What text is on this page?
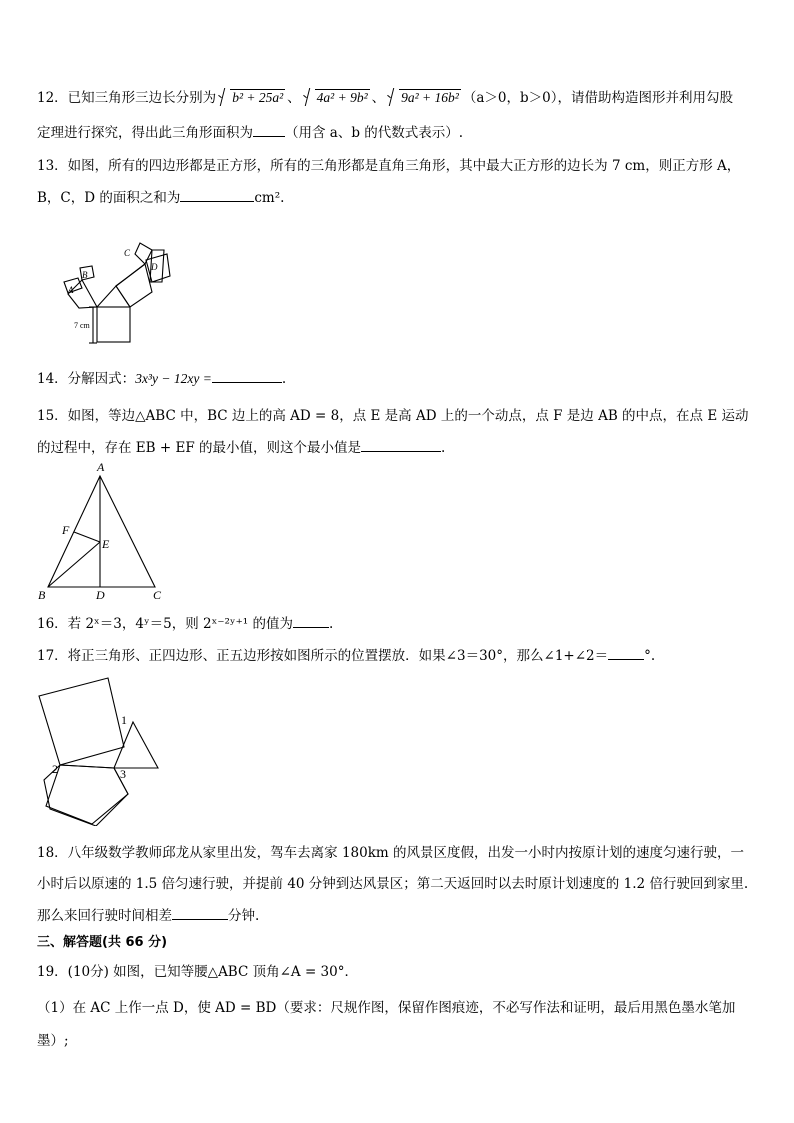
12．已知三角形三边长分别为 b² + 25a² 、 4a² + 9b² 、 9a² + 16b² （a＞0，b＞0），请借助构造图形并利用勾股
定理进行探究，得出此三角形面积为 （用含 a、b 的代数式表示）.
13．如图，所有的四边形都是正方形，所有的三角形都是直角三角形，其中最大正方形的边长为 7 cm，则正方形 A，
B，C，D 的面积之和为	cm².
A
B
C
D
7 cm
14．分解因式：3x³y − 12xy =	.
15．如图，等边△ABC 中，BC 边上的高 AD = 8，点 E 是高 AD 上的一个动点，点 F 是边 AB 的中点，在点 E 运动
的过程中，存在 EB + EF 的最小值，则这个最小值是	.
A
B	C
D
E
F
16．若 2ˣ＝3，4ʸ＝5，则 2ˣ⁻²ʸ⁺¹ 的值为	.
17．将正三角形、正四边形、正五边形按如图所示的位置摆放．如果∠3＝30°，那么∠1+∠2＝	°.
1
2	3
18．八年级数学教师邱龙从家里出发，驾车去离家 180km 的风景区度假，出发一小时内按原计划的速度匀速行驶，一
小时后以原速的 1.5 倍匀速行驶，并提前 40 分钟到达风景区；第二天返回时以去时原计划速度的 1.2 倍行驶回到家里.
那么来回行驶时间相差	分钟.
三、解答题(共 66 分)
19．(10分) 如图，已知等腰△ABC 顶角∠A = 30°．
（1）在 AC 上作一点 D，使 AD = BD（要求：尺规作图，保留作图痕迹，不必写作法和证明，最后用黑色墨水笔加
墨）;
